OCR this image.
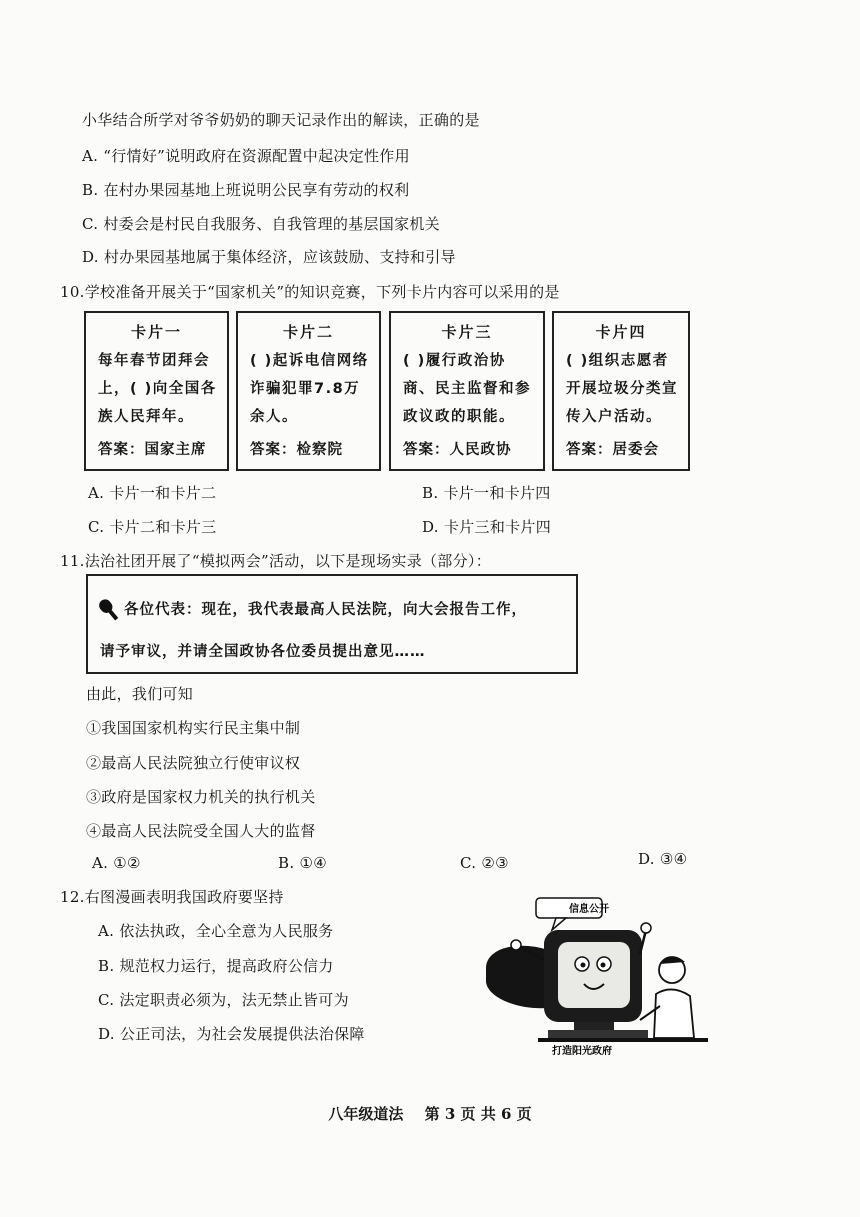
小华结合所学对爷爷奶奶的聊天记录作出的解读，正确的是
A. “行情好”说明政府在资源配置中起决定性作用
B. 在村办果园基地上班说明公民享有劳动的权利
C. 村委会是村民自我服务、自我管理的基层国家机关
D. 村办果园基地属于集体经济，应该鼓励、支持和引导
10.学校准备开展关于“国家机关”的知识竞赛，下列卡片内容可以采用的是
卡片一
每年春节团拜会上，( )向全国各族人民拜年。
答案：国家主席
卡片二
( )起诉电信网络诈骗犯罪7.8万余人。
答案：检察院
卡片三
( )履行政治协商、民主监督和参政议政的职能。
答案：人民政协
卡片四
( )组织志愿者开展垃圾分类宣传入户活动。
答案：居委会
A. 卡片一和卡片二	B. 卡片一和卡片四
C. 卡片二和卡片三	D. 卡片三和卡片四
11.法治社团开展了“模拟两会”活动，以下是现场实录（部分）：
各位代表：现在，我代表最高人民法院，向大会报告工作，
请予审议，并请全国政协各位委员提出意见……
由此，我们可知
①我国国家机构实行民主集中制
②最高人民法院独立行使审议权
③政府是国家权力机关的执行机关
④最高人民法院受全国人大的监督
A. ①②	B. ①④	C. ②③	D. ③④
12.右图漫画表明我国政府要坚持
A. 依法执政，全心全意为人民服务
B. 规范权力运行，提高政府公信力
C. 法定职责必须为，法无禁止皆可为
D. 公正司法，为社会发展提供法治保障
信息公开
打造阳光政府
八年级道法 第 3 页 共 6 页
